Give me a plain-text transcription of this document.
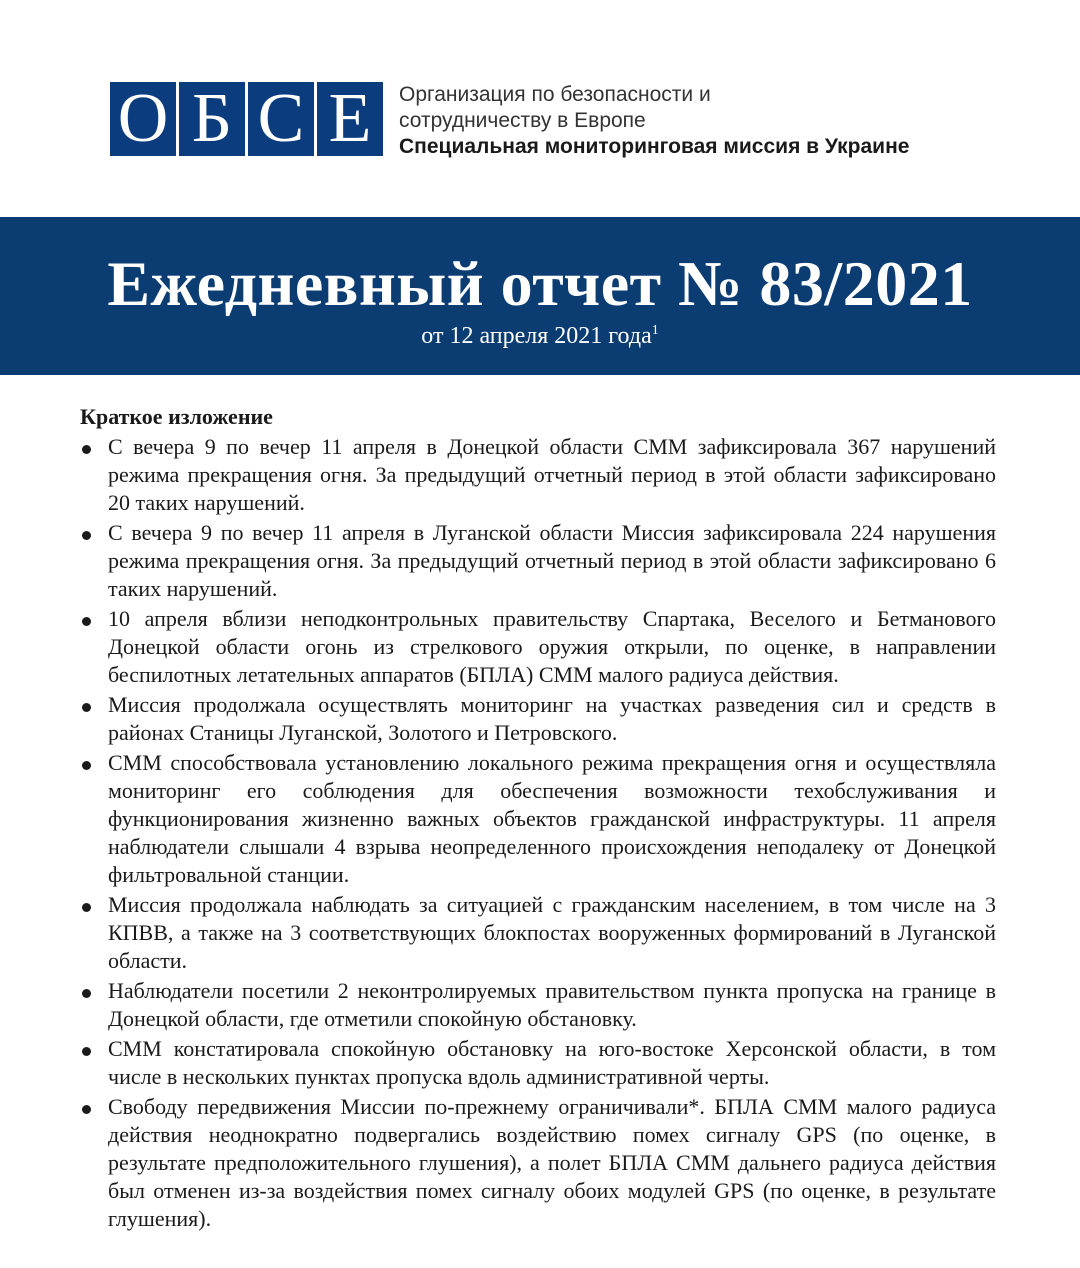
О Б С Е	Организация по безопасности и
сотрудничеству в Европе
Специальная мониторинговая миссия в Украине
Ежедневный отчет № 83/2021
от 12 апреля 2021 года$^1$
Краткое изложение
С вечера 9 по вечер 11 апреля в Донецкой области СММ зафиксировала 367 нарушений режима прекращения огня. За предыдущий отчетный период в этой области зафиксировано 20 таких нарушений.
С вечера 9 по вечер 11 апреля в Луганской области Миссия зафиксировала 224 нарушения режима прекращения огня. За предыдущий отчетный период в этой области зафиксировано 6 таких нарушений.
10 апреля вблизи неподконтрольных правительству Спартака, Веселого и Бетманового Донецкой области огонь из стрелкового оружия открыли, по оценке, в направлении беспилотных летательных аппаратов (БПЛА) СММ малого радиуса действия.
Миссия продолжала осуществлять мониторинг на участках разведения сил и средств в районах Станицы Луганской, Золотого и Петровского.
СММ способствовала установлению локального режима прекращения огня и осуществляла мониторинг его соблюдения для обеспечения возможности техобслуживания и функционирования жизненно важных объектов гражданской инфраструктуры. 11 апреля наблюдатели слышали 4 взрыва неопределенного происхождения неподалеку от Донецкой фильтровальной станции.
Миссия продолжала наблюдать за ситуацией с гражданским населением, в том числе на 3 КПВВ, а также на 3 соответствующих блокпостах вооруженных формирований в Луганской области.
Наблюдатели посетили 2 неконтролируемых правительством пункта пропуска на границе в Донецкой области, где отметили спокойную обстановку.
СММ констатировала спокойную обстановку на юго-востоке Херсонской области, в том числе в нескольких пунктах пропуска вдоль административной черты.
Свободу передвижения Миссии по-прежнему ограничивали*. БПЛА СММ малого радиуса действия неоднократно подвергались воздействию помех сигналу GPS (по оценке, в результате предположительного глушения), а полет БПЛА СММ дальнего радиуса действия был отменен из-за воздействия помех сигналу обоих модулей GPS (по оценке, в результате глушения).
